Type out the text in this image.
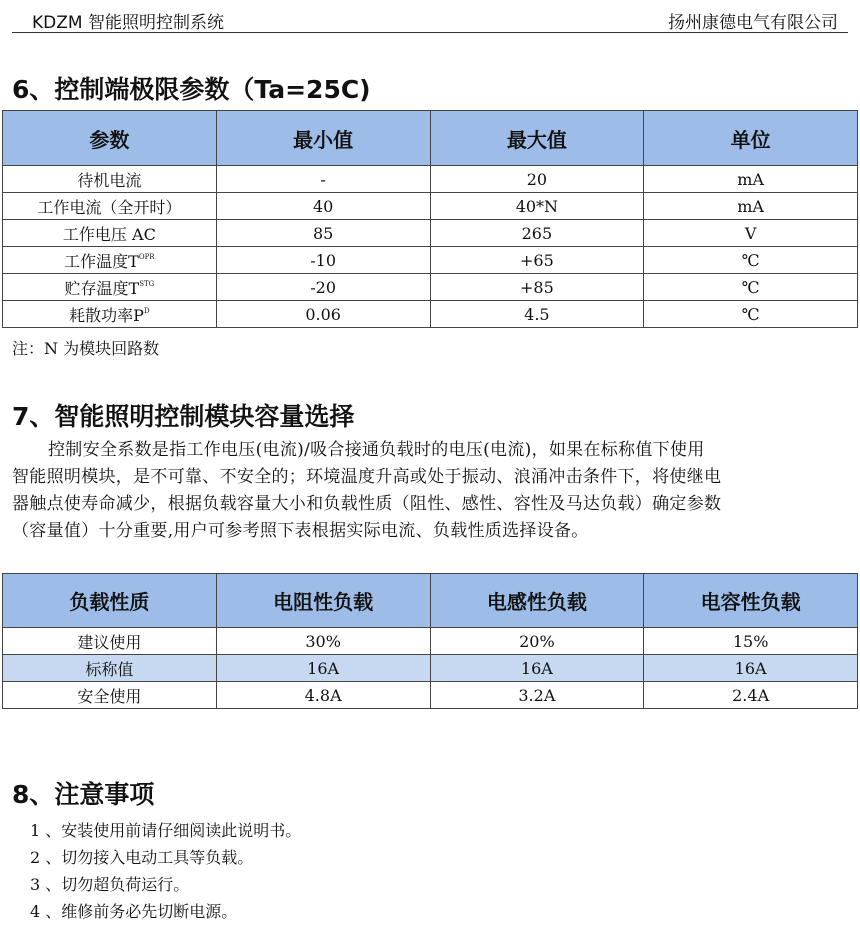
KDZM 智能照明控制系统	扬州康德电气有限公司
6、控制端极限参数（Ta=25C)
参数	最小值	最大值	单位
待机电流	-	20	mA
工作电流（全开时）	40	40*N	mA
工作电压 AC	85	265	V
工作温度$T^{OPR}$	-10	+65	℃
贮存温度$T^{STG}$	-20	+85	℃
耗散功率$P^D$	0.06	4.5	℃
注：N 为模块回路数
7、智能照明控制模块容量选择
控制安全系数是指工作电压(电流)/吸合接通负载时的电压(电流)，如果在标称值下使用
智能照明模块，是不可靠、不安全的；环境温度升高或处于振动、浪涌冲击条件下，将使继电
器触点使寿命减少，根据负载容量大小和负载性质（阻性、感性、容性及马达负载）确定参数
（容量值）十分重要,用户可参考照下表根据实际电流、负载性质选择设备。
负载性质	电阻性负载	电感性负载	电容性负载
建议使用	30%	20%	15%
标称值	16A	16A	16A
安全使用	4.8A	3.2A	2.4A
8、注意事项
1 、安装使用前请仔细阅读此说明书。
2 、切勿接入电动工具等负载。
3 、切勿超负荷运行。
4 、维修前务必先切断电源。
